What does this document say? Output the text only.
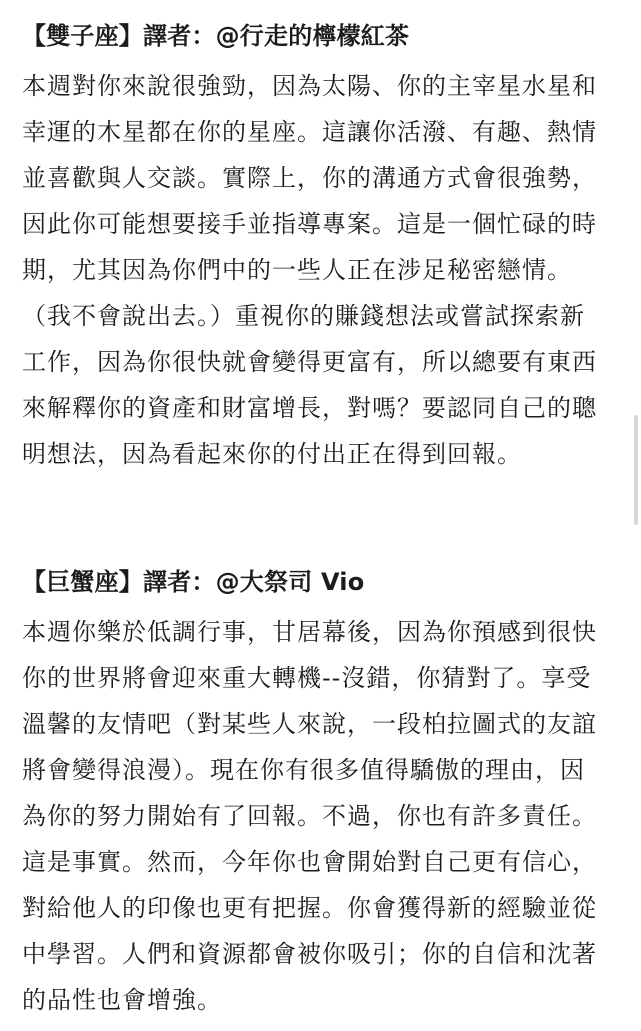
【雙子座】譯者：@行走的檸檬紅茶

本週對你來說很強勁，因為太陽、你的主宰星水星和

幸運的木星都在你的星座。這讓你活潑、有趣、熱情

並喜歡與人交談。實際上，你的溝通方式會很強勢，

因此你可能想要接手並指導專案。這是一個忙碌的時

期，尤其因為你們中的一些人正在涉足秘密戀情。

（我不會說出去。）重視你的賺錢想法或嘗試探索新

工作，因為你很快就會變得更富有，所以總要有東西

來解釋你的資產和財富增長，對嗎？要認同自己的聰

明想法，因為看起來你的付出正在得到回報。

【巨蟹座】譯者：@大祭司 Vio

本週你樂於低調行事，甘居幕後，因為你預感到很快

你的世界將會迎來重大轉機--沒錯，你猜對了。享受

溫馨的友情吧（對某些人來說，一段柏拉圖式的友誼

將會變得浪漫）。現在你有很多值得驕傲的理由，因

為你的努力開始有了回報。不過，你也有許多責任。

這是事實。然而，今年你也會開始對自己更有信心，

對給他人的印像也更有把握。你會獲得新的經驗並從

中學習。人們和資源都會被你吸引；你的自信和沈著

的品性也會增強。
